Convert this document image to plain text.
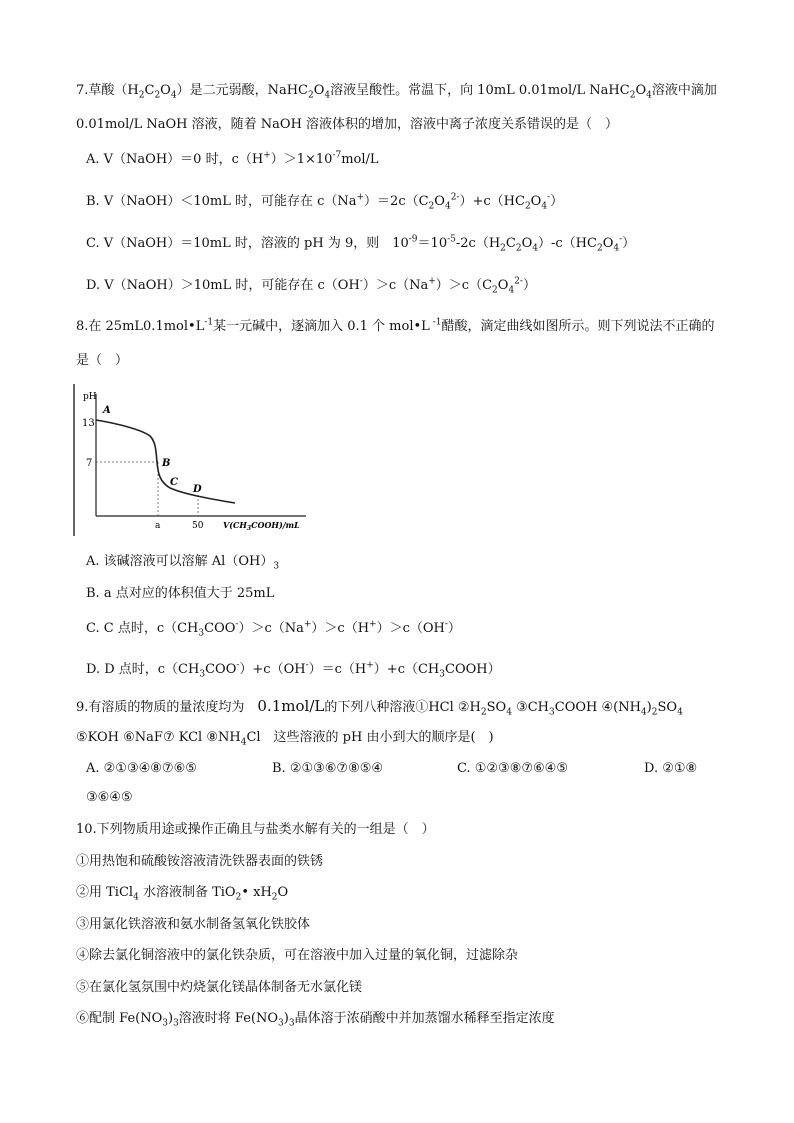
7.草酸$(H_2C_2O_4)$是二元弱酸，$NaHC_2O_4$溶液呈酸性。常温下，向 10mL 0.01mol/L $NaHC_2O_4$溶液中滴加
0.01mol/L NaOH 溶液，随着 NaOH 溶液体积的增加，溶液中离子浓度关系错误的是（　）
A. V（NaOH）＝0 时，$c(H^+)>1\times 10^{-7}mol/L$
B. V（NaOH）＜10mL 时，可能存在 $c(Na^+)=2c(C_2O_4^{2-})+c(HC_2O_4^-)$
C. V（NaOH）＝10mL 时，溶液的 pH 为 9，则　$10^{-9}=10^{-5}-2c(H_2C_2O_4)-c(HC_2O_4^-)$
D. V（NaOH）＞10mL 时，可能存在 $c(OH^-)>c(Na^+)>c(C_2O_4^{2-})$
8.在 $25mL0.1mol•L^{-1}$某一元碱中，逐滴加入 0.1 个 mol•L $^{-1}$醋酸，滴定曲线如图所示。则下列说法不正确的
是（　）
pH
13
7
A
B
C
D
a	50 $V(CH_3COOH)/mL$
A. 该碱溶液可以溶解 $Al(OH)_3$
B. a 点对应的体积值大于 25mL
C. C 点时，$c(CH_3COO^-)>c(Na^+)>c(H^+)>c(OH^-)$
D. D 点时，$c(CH_3COO^-)+c(OH^-)=c(H^+)+c(CH_3COOH)$
9.有溶质的物质的量浓度均为　0.1mol/L的下列八种溶液①HCl $②H_2SO_4$ $③CH_3COOH$ $④(NH_4)_2SO_4$
⑤KOH ⑥NaF⑦ KCl $⑧NH_4Cl$　这些溶液的 pH 由小到大的顺序是(　)
A. ②①③④⑧⑦⑥⑤	B. ②①③⑥⑦⑧⑤④	C. ①②③⑧⑦⑥④⑤	D. ②①⑧
③⑥④⑤
10.下列物质用途或操作正确且与盐类水解有关的一组是（　）
①用热饱和硫酸铵溶液清洗铁器表面的铁锈
②用 TiCl$_4$ 水溶液制备 TiO$_2$• $xH_2O$
③用氯化铁溶液和氨水制备氢氧化铁胶体
④除去氯化铜溶液中的氯化铁杂质，可在溶液中加入过量的氧化铜，过滤除杂
⑤在氯化氢氛围中灼烧氯化镁晶体制备无水氯化镁
⑥配制 $Fe(NO_3)_3$溶液时将 $Fe(NO_3)_3$晶体溶于浓硝酸中并加蒸馏水稀释至指定浓度
